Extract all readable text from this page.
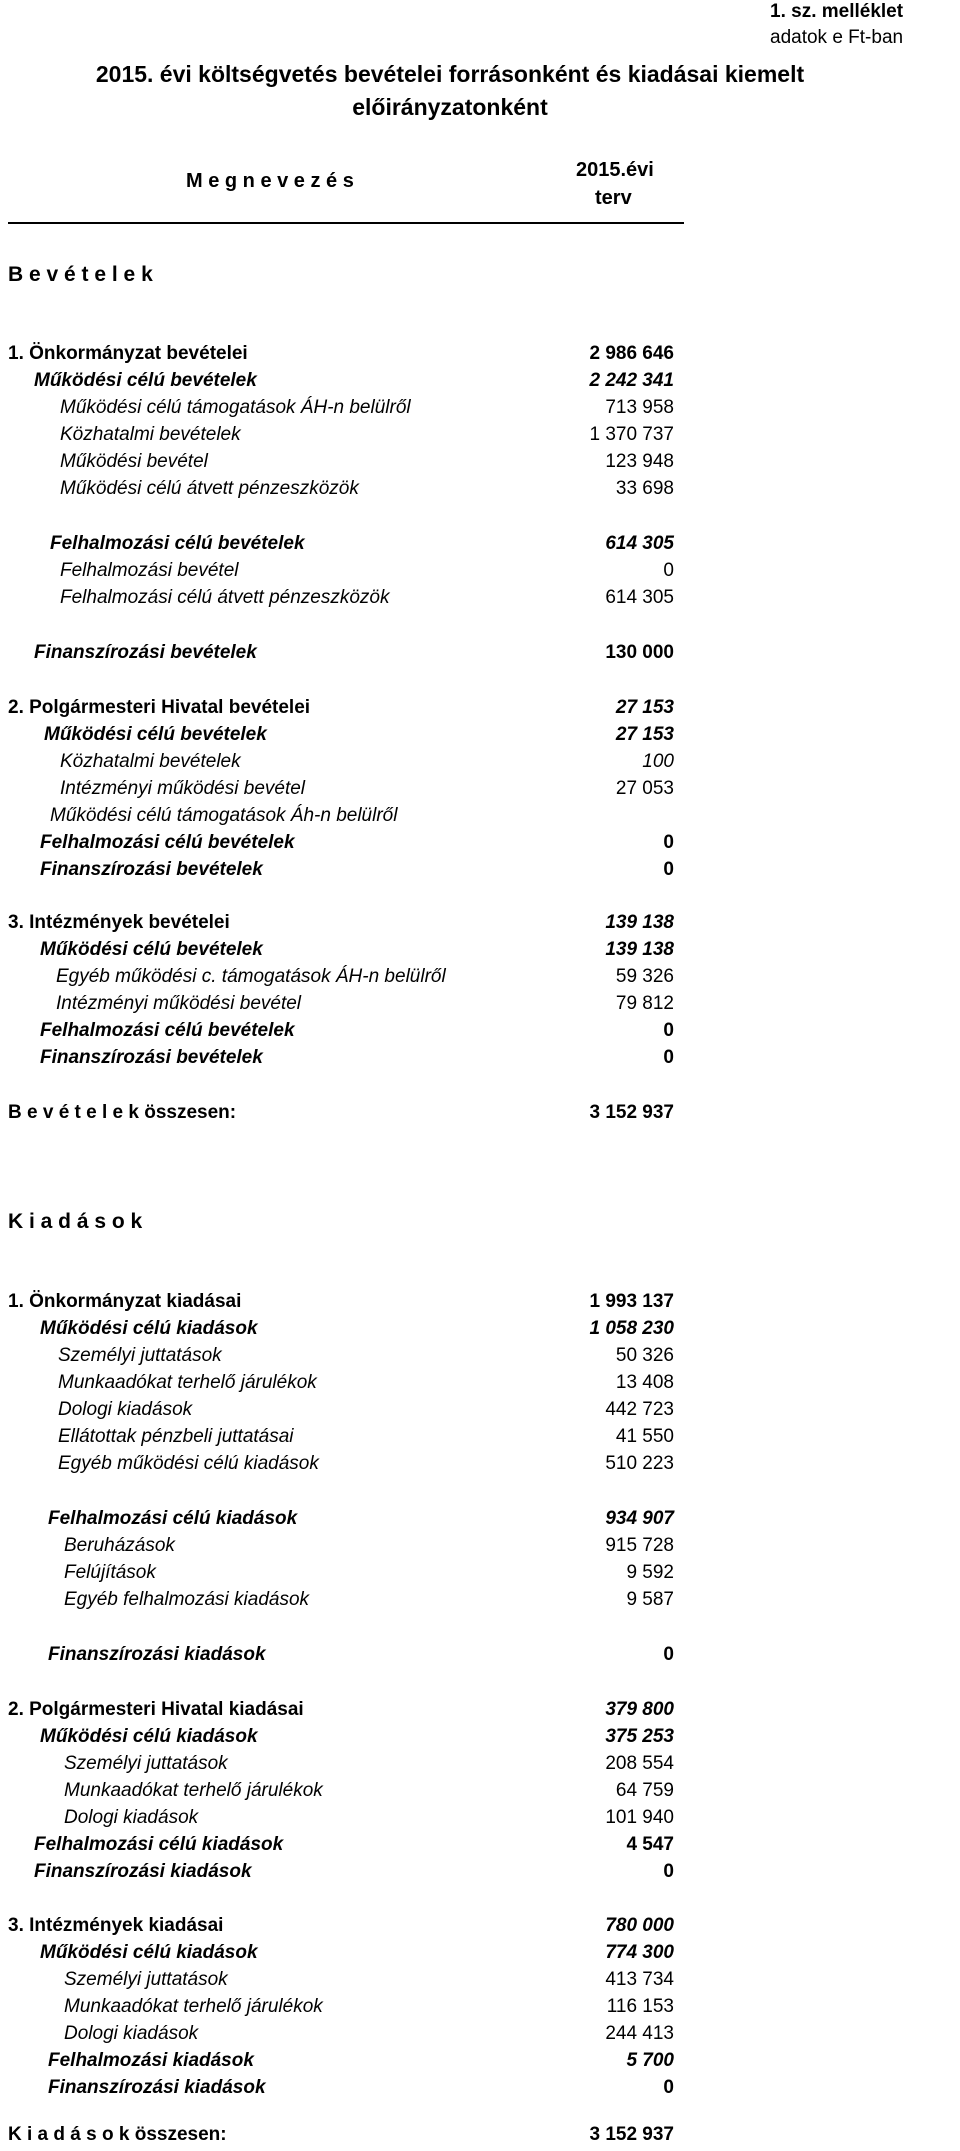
1. sz. melléklet
adatok e Ft-ban
2015. évi költségvetés bevételei forrásonként és kiadásai kiemelt
előirányzatonként
M e g n e v e z é s	2015.évi
terv
B e v é t e l e k
1. Önkormányzat bevételei	2 986 646
Működési célú bevételek	2 242 341
Működési célú támogatások ÁH-n belülről	713 958
Közhatalmi bevételek	1 370 737
Működési bevétel	123 948
Működési célú átvett pénzeszközök	33 698
Felhalmozási célú bevételek	614 305
Felhalmozási bevétel	0
Felhalmozási célú átvett pénzeszközök	614 305
Finanszírozási bevételek	130 000
2. Polgármesteri Hivatal bevételei	27 153
Működési célú bevételek	27 153
Közhatalmi bevételek	100
Intézményi működési bevétel	27 053
Működési célú támogatások Áh-n belülről
Felhalmozási célú bevételek	0
Finanszírozási bevételek	0
3. Intézmények bevételei	139 138
Működési célú bevételek	139 138
Egyéb működési c. támogatások ÁH-n belülről	59 326
Intézményi működési bevétel	79 812
Felhalmozási célú bevételek	0
Finanszírozási bevételek	0
B e v é t e l e k összesen:	3 152 937
K i a d á s o k
1. Önkormányzat kiadásai	1 993 137
Működési célú kiadások	1 058 230
Személyi juttatások	50 326
Munkaadókat terhelő járulékok	13 408
Dologi kiadások	442 723
Ellátottak pénzbeli juttatásai	41 550
Egyéb működési célú kiadások	510 223
Felhalmozási célú kiadások	934 907
Beruházások	915 728
Felújítások	9 592
Egyéb felhalmozási kiadások	9 587
Finanszírozási kiadások	0
2. Polgármesteri Hivatal kiadásai	379 800
Működési célú kiadások	375 253
Személyi juttatások	208 554
Munkaadókat terhelő járulékok	64 759
Dologi kiadások	101 940
Felhalmozási célú kiadások	4 547
Finanszírozási kiadások	0
3. Intézmények kiadásai	780 000
Működési célú kiadások	774 300
Személyi juttatások	413 734
Munkaadókat terhelő járulékok	116 153
Dologi kiadások	244 413
Felhalmozási kiadások	5 700
Finanszírozási kiadások	0
K i a d á s o k összesen:	3 152 937
